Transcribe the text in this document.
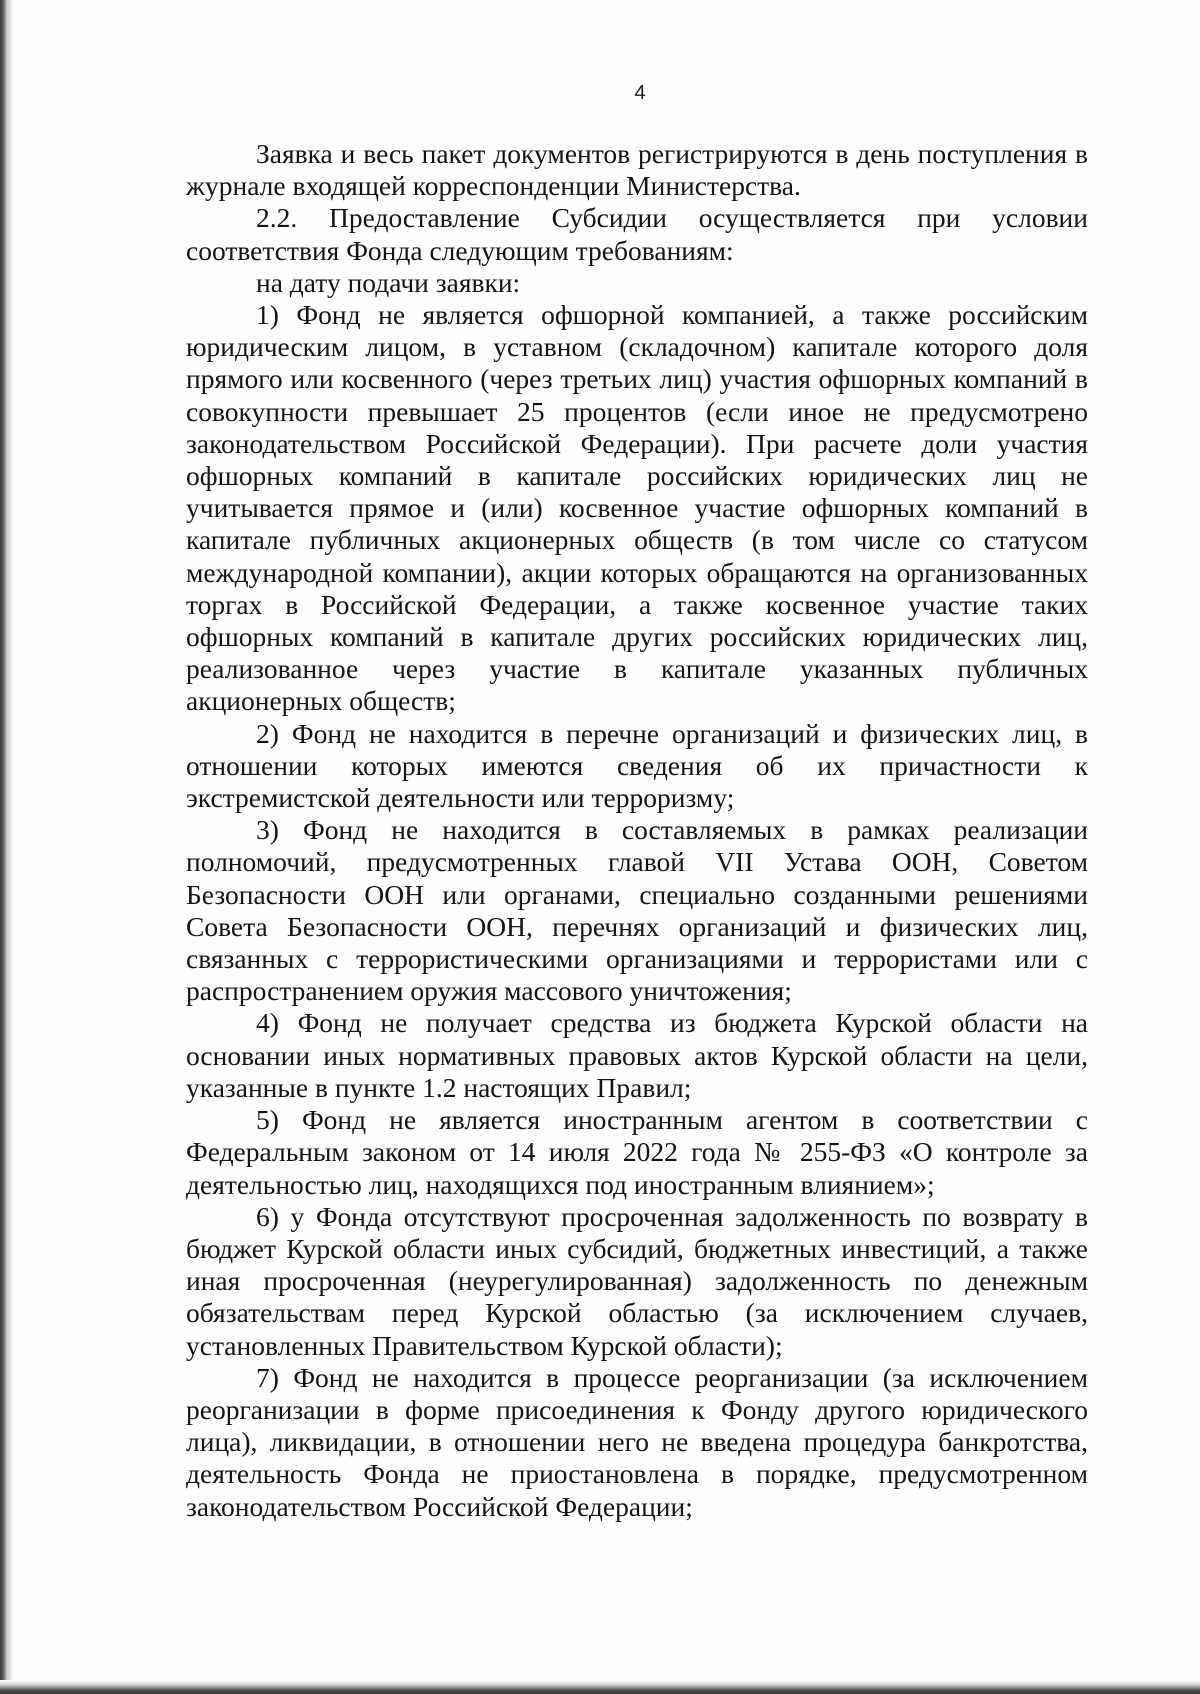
4

Заявка и весь пакет документов регистрируются в день поступления в журнале входящей корреспонденции Министерства.

2.2. Предоставление Субсидии осуществляется при условии соответствия Фонда следующим требованиям:

на дату подачи заявки:

1) Фонд не является офшорной компанией, а также российским юридическим лицом, в уставном (складочном) капитале которого доля прямого или косвенного (через третьих лиц) участия офшорных компаний в совокупности превышает 25 процентов (если иное не предусмотрено законодательством Российской Федерации). При расчете доли участия офшорных компаний в капитале российских юридических лиц не учитывается прямое и (или) косвенное участие офшорных компаний в капитале публичных акционерных обществ (в том числе со статусом международной компании), акции которых обращаются на организованных торгах в Российской Федерации, а также косвенное участие таких офшорных компаний в капитале других российских юридических лиц, реализованное через участие в капитале указанных публичных акционерных обществ;

2) Фонд не находится в перечне организаций и физических лиц, в отношении которых имеются сведения об их причастности к экстремистской деятельности или терроризму;

3) Фонд не находится в составляемых в рамках реализации полномочий, предусмотренных главой VII Устава ООН, Советом Безопасности ООН или органами, специально созданными решениями Совета Безопасности ООН, перечнях организаций и физических лиц, связанных с террористическими организациями и террористами или с распространением оружия массового уничтожения;

4) Фонд не получает средства из бюджета Курской области на основании иных нормативных правовых актов Курской области на цели, указанные в пункте 1.2 настоящих Правил;

5) Фонд не является иностранным агентом в соответствии с Федеральным законом от 14 июля 2022 года № 255-ФЗ «О контроле за деятельностью лиц, находящихся под иностранным влиянием»;

6) у Фонда отсутствуют просроченная задолженность по возврату в бюджет Курской области иных субсидий, бюджетных инвестиций, а также иная просроченная (неурегулированная) задолженность по денежным обязательствам перед Курской областью (за исключением случаев, установленных Правительством Курской области);

7) Фонд не находится в процессе реорганизации (за исключением реорганизации в форме присоединения к Фонду другого юридического лица), ликвидации, в отношении него не введена процедура банкротства, деятельность Фонда не приостановлена в порядке, предусмотренном законодательством Российской Федерации;
